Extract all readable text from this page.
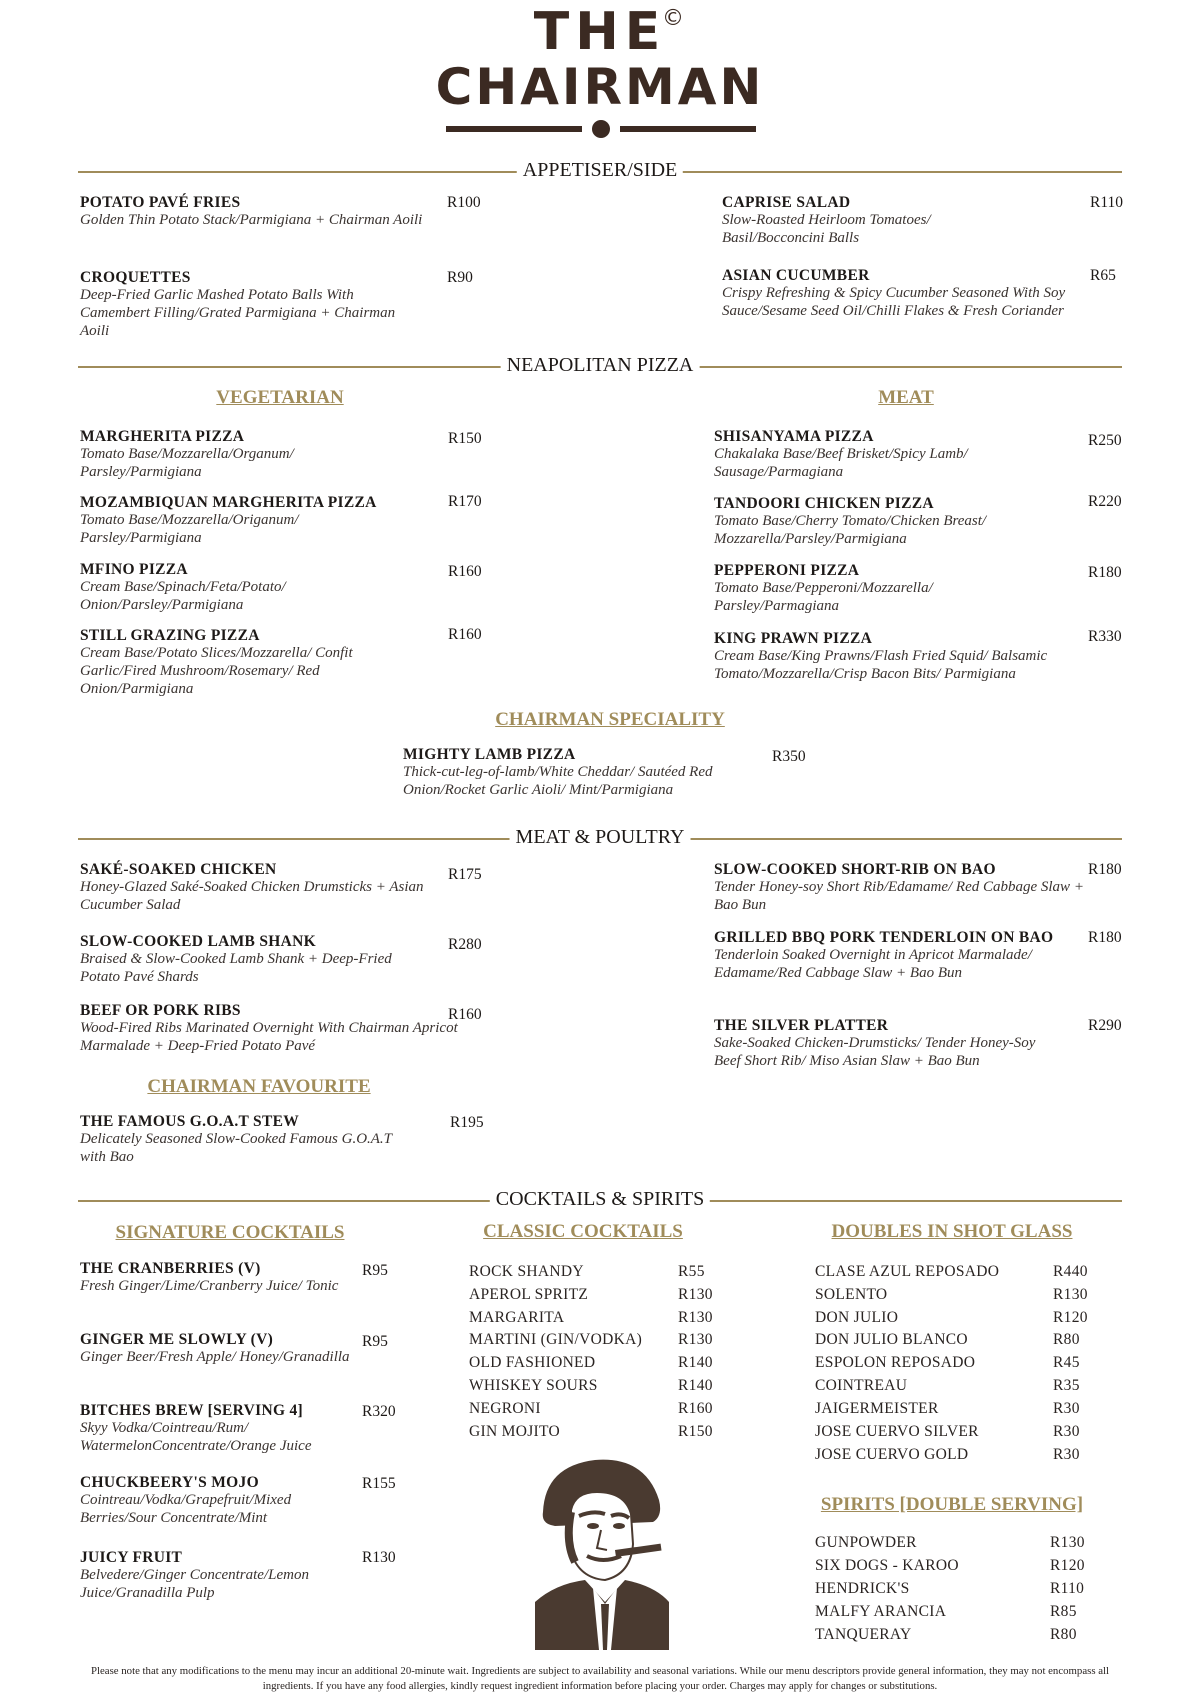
THE
©
CHAIRMAN
APPETISER/SIDE
NEAPOLITAN PIZZA
MEAT & POULTRY
COCKTAILS & SPIRITS
VEGETARIAN	MEAT
CHAIRMAN SPECIALITY
CHAIRMAN FAVOURITE
SIGNATURE COCKTAILS	CLASSIC COCKTAILS	DOUBLES IN SHOT GLASS
SPIRITS [DOUBLE SERVING]
POTATO PAVÉ FRIES
Golden Thin Potato Stack/Parmigiana + Chairman Aoili
R100
CROQUETTES
Deep-Fried Garlic Mashed Potato Balls With Camembert Filling/Grated Parmigiana + Chairman Aoili
R90
CAPRISE SALAD
Slow-Roasted Heirloom Tomatoes/ Basil/Bocconcini Balls
R110
ASIAN CUCUMBER
Crispy Refreshing & Spicy Cucumber Seasoned With Soy Sauce/Sesame Seed Oil/Chilli Flakes & Fresh Coriander
R65
MARGHERITA PIZZA
Tomato Base/Mozzarella/Organum/ Parsley/Parmigiana
R150
MOZAMBIQUAN MARGHERITA PIZZA
Tomato Base/Mozzarella/Origanum/ Parsley/Parmigiana
R170
MFINO PIZZA
Cream Base/Spinach/Feta/Potato/ Onion/Parsley/Parmigiana
R160
STILL GRAZING PIZZA
Cream Base/Potato Slices/Mozzarella/ Confit Garlic/Fired Mushroom/Rosemary/ Red Onion/Parmigiana
R160
SHISANYAMA PIZZA
Chakalaka Base/Beef Brisket/Spicy Lamb/ Sausage/Parmagiana
R250
TANDOORI CHICKEN PIZZA
Tomato Base/Cherry Tomato/Chicken Breast/ Mozzarella/Parsley/Parmigiana
R220
PEPPERONI PIZZA
Tomato Base/Pepperoni/Mozzarella/ Parsley/Parmagiana
R180
KING PRAWN PIZZA
Cream Base/King Prawns/Flash Fried Squid/ Balsamic Tomato/Mozzarella/Crisp Bacon Bits/ Parmigiana
R330
MIGHTY LAMB PIZZA
Thick-cut-leg-of-lamb/White Cheddar/ Sautéed Red Onion/Rocket Garlic Aioli/ Mint/Parmigiana
R350
SAKÉ-SOAKED CHICKEN
Honey-Glazed Saké-Soaked Chicken Drumsticks + Asian Cucumber Salad
R175
SLOW-COOKED LAMB SHANK
Braised & Slow-Cooked Lamb Shank + Deep-Fried Potato Pavé Shards
R280
BEEF OR PORK RIBS
Wood-Fired Ribs Marinated Overnight With Chairman Apricot Marmalade + Deep-Fried Potato Pavé
R160
THE FAMOUS G.O.A.T STEW
Delicately Seasoned Slow-Cooked Famous G.O.A.T with Bao
R195
SLOW-COOKED SHORT-RIB ON BAO
Tender Honey-soy Short Rib/Edamame/ Red Cabbage Slaw + Bao Bun
R180
GRILLED BBQ PORK TENDERLOIN ON BAO
Tenderloin Soaked Overnight in Apricot Marmalade/ Edamame/Red Cabbage Slaw + Bao Bun
R180
THE SILVER PLATTER
Sake-Soaked Chicken-Drumsticks/ Tender Honey-Soy Beef Short Rib/ Miso Asian Slaw + Bao Bun
R290
THE CRANBERRIES (V)
Fresh Ginger/Lime/Cranberry Juice/ Tonic
R95
GINGER ME SLOWLY (V)
Ginger Beer/Fresh Apple/ Honey/Granadilla
R95
BITCHES BREW [SERVING 4]
Skyy Vodka/Cointreau/Rum/ WatermelonConcentrate/Orange Juice
R320
CHUCKBEERY'S MOJO
Cointreau/Vodka/Grapefruit/Mixed Berries/Sour Concentrate/Mint
R155
JUICY FRUIT
Belvedere/Ginger Concentrate/Lemon Juice/Granadilla Pulp
R130
ROCK SHANDY	R55
APEROL SPRITZ	R130
MARGARITA	R130
MARTINI (GIN/VODKA) R130
OLD FASHIONED	R140
WHISKEY SOURS	R140
NEGRONI	R160
GIN MOJITO	R150
CLASE AZUL REPOSADO	R440
SOLENTO	R130
DON JULIO	R120
DON JULIO BLANCO	R80
ESPOLON REPOSADO	R45
COINTREAU	R35
JAIGERMEISTER	R30
JOSE CUERVO SILVER	R30
JOSE CUERVO GOLD	R30
GUNPOWDER	R130
SIX DOGS - KAROO	R120
HENDRICK'S	R110
MALFY ARANCIA	R85
TANQUERAY	R80
Please note that any modifications to the menu may incur an additional 20-minute wait. Ingredients are subject to availability and seasonal variations. While our menu descriptors provide general information, they may not encompass all ingredients. If you have any food allergies, kindly request ingredient information before placing your order. Charges may apply for changes or substitutions.
